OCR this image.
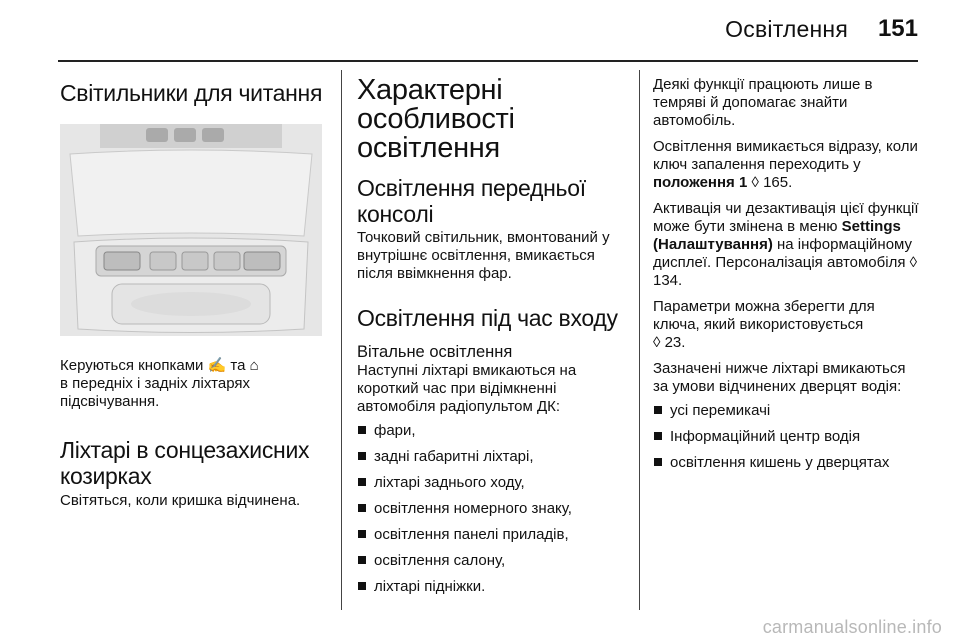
Освітлення 151
Світильники для читання

Керуються кнопками ✍ та ⌂
в передніх і задніх ліхтарях підсвічування.

Ліхтарі в сонцезахисних козирках

Світяться, коли кришка відчинена.

Характерні особливості освітлення
Освітлення передньої консолі

Точковий світильник, вмонтований у внутрішнє освітлення, вмикається після ввімкнення фар.

Освітлення під час входу
Вітальне освітлення

Наступні ліхтарі вмикаються на короткий час при відімкненні автомобіля радіопультом ДК:

фари,
задні габаритні ліхтарі,
ліхтарі заднього ходу,
освітлення номерного знаку,
освітлення панелі приладів,
освітлення салону,
ліхтарі підніжки.

Деякі функції працюють лише в темряві й допомагає знайти автомобіль.

Освітлення вимикається відразу, коли ключ запалення переходить у положення 1 ◊ 165.

Активація чи дезактивація цієї функції може бути змінена в меню Settings (Налаштування) на інформаційному дисплеї. Персоналізація автомобіля ◊ 134.

Параметри можна зберегти для ключа, який використовується
◊ 23.

Зазначені нижче ліхтарі вмикаються за умови відчинених дверцят водія:

усі перемикачі
Інформаційний центр водія
освітлення кишень у дверцятах
carmanualsonline.info
